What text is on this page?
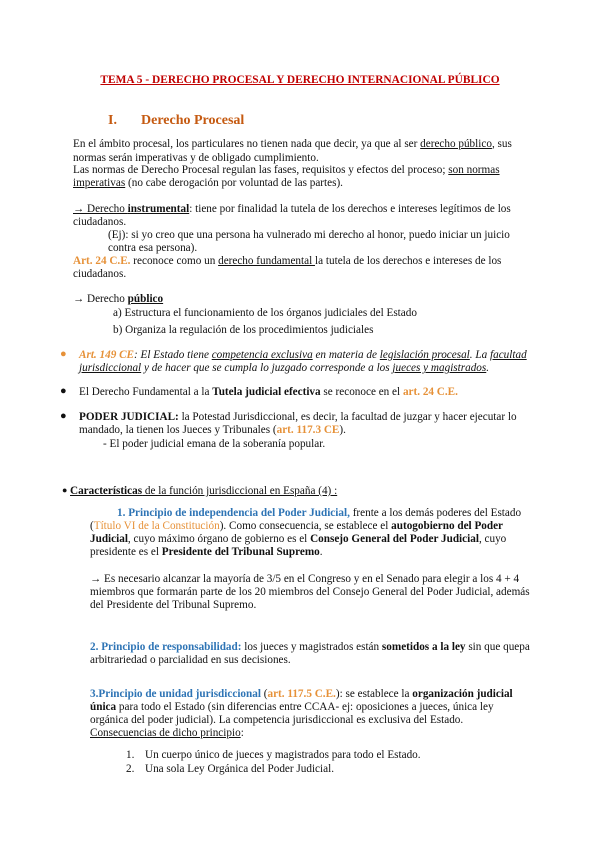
TEMA 5 - DERECHO PROCESAL Y DERECHO INTERNACIONAL PÚBLICO

I. Derecho Procesal

En el ámbito procesal, los particulares no tienen nada que decir, ya que al ser derecho público, sus

normas serán imperativas y de obligado cumplimiento.

Las normas de Derecho Procesal regulan las fases, requisitos y efectos del proceso; son normas

imperativas (no cabe derogación por voluntad de las partes).

→ Derecho instrumental: tiene por finalidad la tutela de los derechos e intereses legítimos de los

ciudadanos.

(Ej): si yo creo que una persona ha vulnerado mi derecho al honor, puedo iniciar un juicio

contra esa persona).

Art. 24 C.E. reconoce como un derecho fundamental la tutela de los derechos e intereses de los

ciudadanos.

→ Derecho público

a) Estructura el funcionamiento de los órganos judiciales del Estado

b) Organiza la regulación de los procedimientos judiciales

● Art. 149 CE: El Estado tiene competencia exclusiva en materia de legislación procesal. La facultad

jurisdiccional y de hacer que se cumpla lo juzgado corresponde a los jueces y magistrados.

● El Derecho Fundamental a la Tutela judicial efectiva se reconoce en el art. 24 C.E.

● PODER JUDICIAL: la Potestad Jurisdiccional, es decir, la facultad de juzgar y hacer ejecutar lo

mandado, la tienen los Jueces y Tribunales (art. 117.3 CE).

- El poder judicial emana de la soberanía popular.

● Características de la función jurisdiccional en España (4) :

1. Principio de independencia del Poder Judicial, frente a los demás poderes del Estado

(Título VI de la Constitución). Como consecuencia, se establece el autogobierno del Poder

Judicial, cuyo máximo órgano de gobierno es el Consejo General del Poder Judicial, cuyo

presidente es el Presidente del Tribunal Supremo.

→ Es necesario alcanzar la mayoría de 3/5 en el Congreso y en el Senado para elegir a los 4 + 4

miembros que formarán parte de los 20 miembros del Consejo General del Poder Judicial, además

del Presidente del Tribunal Supremo.

2. Principio de responsabilidad: los jueces y magistrados están sometidos a la ley sin que quepa

arbitrariedad o parcialidad en sus decisiones.

3.Principio de unidad jurisdiccional (art. 117.5 C.E.): se establece la organización judicial

única para todo el Estado (sin diferencias entre CCAA- ej: oposiciones a jueces, única ley

orgánica del poder judicial). La competencia jurisdiccional es exclusiva del Estado.

Consecuencias de dicho principio:

1. Un cuerpo único de jueces y magistrados para todo el Estado.

2. Una sola Ley Orgánica del Poder Judicial.
